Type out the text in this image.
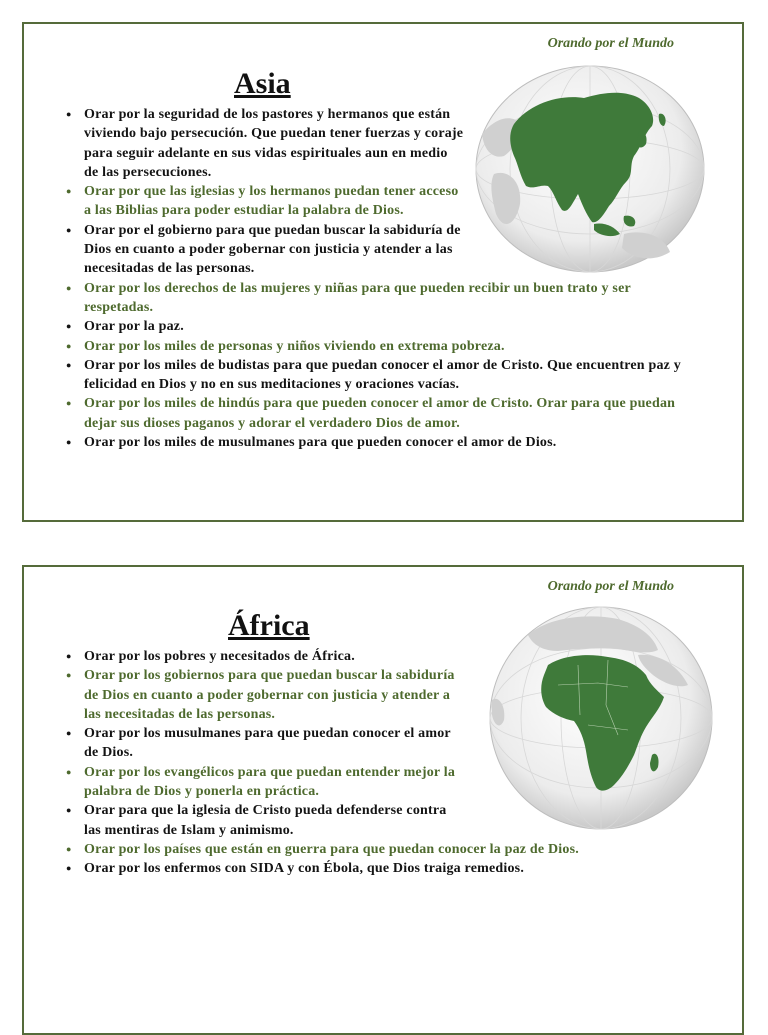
Orando por el Mundo
Asia
● Orar por la seguridad de los pastores y hermanos que están viviendo bajo persecución. Que puedan tener fuerzas y coraje para seguir adelante en sus vidas espirituales aun en medio de las persecuciones.
● Orar por que las iglesias y los hermanos puedan tener acceso a las Biblias para poder estudiar la palabra de Dios.
● Orar por el gobierno para que puedan buscar la sabiduría de Dios en cuanto a poder gobernar con justicia y atender a las necesitadas de las personas.
● Orar por los derechos de las mujeres y niñas para que pueden recibir un buen trato y ser respetadas.
● Orar por la paz.
● Orar por los miles de personas y niños viviendo en extrema pobreza.
● Orar por los miles de budistas para que puedan conocer el amor de Cristo. Que encuentren paz y felicidad en Dios y no en sus meditaciones y oraciones vacías.
● Orar por los miles de hindús para que pueden conocer el amor de Cristo. Orar para que puedan dejar sus dioses paganos y adorar el verdadero Dios de amor.
● Orar por los miles de musulmanes para que pueden conocer el amor de Dios.
Orando por el Mundo
África
● Orar por los pobres y necesitados de África.
● Orar por los gobiernos para que puedan buscar la sabiduría de Dios en cuanto a poder gobernar con justicia y atender a las necesitadas de las personas.
● Orar por los musulmanes para que puedan conocer el amor de Dios.
● Orar por los evangélicos para que puedan entender mejor la palabra de Dios y ponerla en práctica.
● Orar para que la iglesia de Cristo pueda defenderse contra las mentiras de Islam y animismo.
● Orar por los países que están en guerra para que puedan conocer la paz de Dios.
● Orar por los enfermos con SIDA y con Ébola, que Dios traiga remedios.
